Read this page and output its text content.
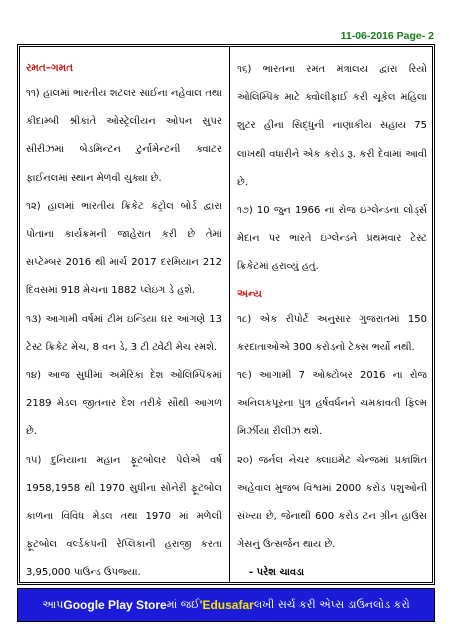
11-06-2016 Page- 2

રમત–ગમત

૧૧) હાલમાં ભારતીય શટલર સાઈના નહેવાલ તથા કીદામ્બી શ્રીકાંતે ઓસ્ટ્રેલીયન ઓપન સુપર સીરીઝમાં બેડમિન્ટન ટુર્નામેન્ટની ક્વાટર ફાઈનલમાં સ્થાન મેળવી ચુક્યા છે.

૧૨) હાલમાં ભારતીય ક્રિકેટ કંટ્રોલ બોર્ડ દ્વારા પોતાના કાર્યક્રમની જાહેરાત કરી છે તેમાં સપ્ટેમ્બર 2016 થી માર્ચ 2017 દરમિયાન 212 દિવસમાં 918 મેચના 1882 પ્લેઇંગ ડે હશે.

૧૩) આગામી વર્ષમાં ટીમ ઇન્ડિયા ઘર આંગણે 13 ટેસ્ટ ક્રિકેટ મેચ, 8 વન ડે, 3 ટી ટ્વેંટી મેચ રમશે.

૧૪) આજ સુધીમાં અમેરિકા દેશ ઓલિમ્પિકમાં 2189 મેડલ જીતનાર દેશ તરીકે સૌથી આગળ છે.

૧૫) દુનિયાના મહાન ફૂટબોલર પેલેએ વર્ષ 1958,1958 થી 1970 સુધીના સોનેરી ફૂટબોલ કાળના વિવિધ મેડલ તથા 1970 માં મળેલી ફૂટબોલ વર્લ્ડકપની રેપ્લિકાની હરાજી કરતા 3,95,000 પાઉન્ડ ઉપજ્યા.

૧૬) ભારતના રમત મંત્રાલય દ્વારા રિયો ઓલિમ્પિક માટે ક્વોલીફાઈ કરી ચૂકેલ મહિલા શુટર હીના સિદ્ધુની નાણાકીય સહાય 75 લાખથી વધારીને એક કરોડ રૂ. કરી દેવામાં આવી છે.

૧૭) 10 જુન 1966 ના રોજ ઇંગ્લેન્ડના લોર્ડ્સ મેદાન પર ભારતે ઇંગ્લેન્ડને પ્રથમવાર ટેસ્ટ ક્રિકેટમાં હરાવ્યું હતું.

અન્ય

૧૮) એક રીપોર્ટ અનુસાર ગુજરાતમાં 150 કરદાતાઓએ 300 કરોડનો ટેક્સ ભર્યો નથી.

૧૯) આગામી 7 ઓક્ટોબર 2016 ના રોજ અનિલકપૂરના પુત્ર હર્ષવર્ધનને ચમકાવતી ફિલ્મ મિર્ઝીયા રીલીઝ થશે.

૨૦) જર્નલ નેચર ક્લાઇમેટ ચેન્જમાં પ્રકાશિત અહેવાલ મુજબ વિશ્વમાં 2000 કરોડ પશુઓની સંખ્યા છે, જેનાથી 600 કરોડ ટન ગ્રીન હાઉસ ગેસનું ઉત્સર્જન થાય છે.

- પરેશ ચાવડા

આપ Google Play Store માં જઈ 'Edusafar લખી સર્ચ કરી એપ્સ ડાઉનલોડ કરો
